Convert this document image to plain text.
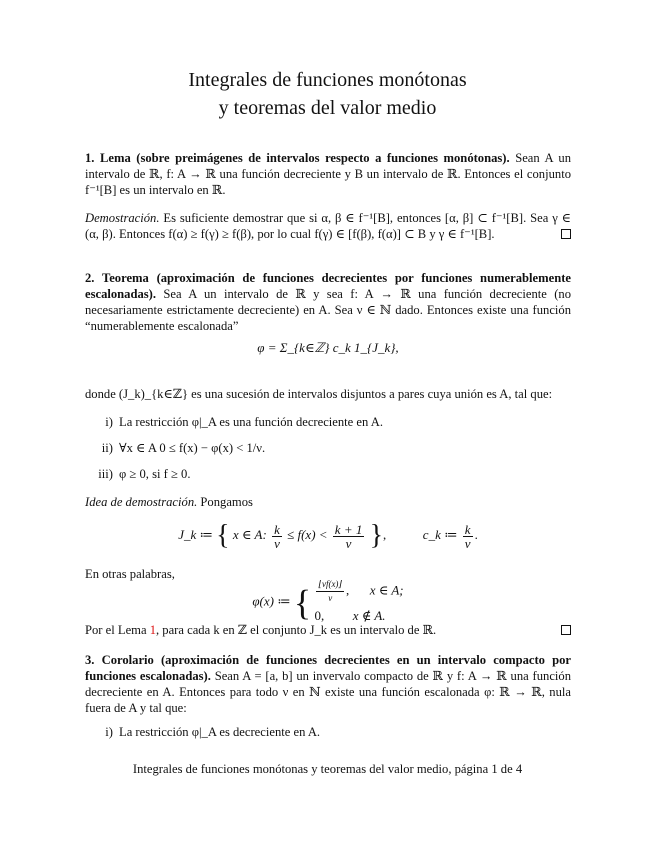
Integrales de funciones monótonas
y teoremas del valor medio

1. Lema (sobre preimágenes de intervalos respecto a funciones monótonas). Sean A un intervalo de ℝ, f: A → ℝ una función decreciente y B un intervalo de ℝ. Entonces el conjunto f⁻¹[B] es un intervalo en ℝ.

Demostración. Es suficiente demostrar que si α, β ∈ f⁻¹[B], entonces [α, β] ⊂ f⁻¹[B]. Sea γ ∈ (α, β). Entonces f(α) ≥ f(γ) ≥ f(β), por lo cual f(γ) ∈ [f(β), f(α)] ⊂ B y γ ∈ f⁻¹[B].

2. Teorema (aproximación de funciones decrecientes por funciones numerablemente escalonadas). Sea A un intervalo de ℝ y sea f: A → ℝ una función decreciente (no necesariamente estrictamente decreciente) en A. Sea ν ∈ ℕ dado. Entonces existe una función “numerablemente escalonada”

φ = Σ_{k∈ℤ} c_k 1_{J_k},

donde (J_k)_{k∈ℤ} es una sucesión de intervalos disjuntos a pares cuya unión es A, tal que:

i) La restricción φ|_A es una función decreciente en A.
ii) ∀x ∈ A 0 ≤ f(x) − φ(x) < 1/ν.
iii) φ ≥ 0, si f ≥ 0.

Idea de demostración. Pongamos

J_k ≔ { x ∈ A: $\frac{k}{\nu} \le f(x) < \frac{k + 1}{\nu}$ },	c_k ≔ $\frac{k}{\nu}$ .

En otras palabras,

φ(x) ≔ { $\frac{⌊\nu f(x)⌋}{\nu}$ ,  x ∈ A;
0, x ∉ A.

Por el Lema 1, para cada k en ℤ el conjunto J_k es un intervalo de ℝ.

3. Corolario (aproximación de funciones decrecientes en un intervalo compacto por funciones escalonadas). Sean A = [a, b] un invervalo compacto de ℝ y f: A → ℝ una función decreciente en A. Entonces para todo ν en ℕ existe una función escalonada φ: ℝ → ℝ, nula fuera de A y tal que:

i) La restricción φ|_A es decreciente en A.
Integrales de funciones monótonas y teoremas del valor medio, página 1 de 4
